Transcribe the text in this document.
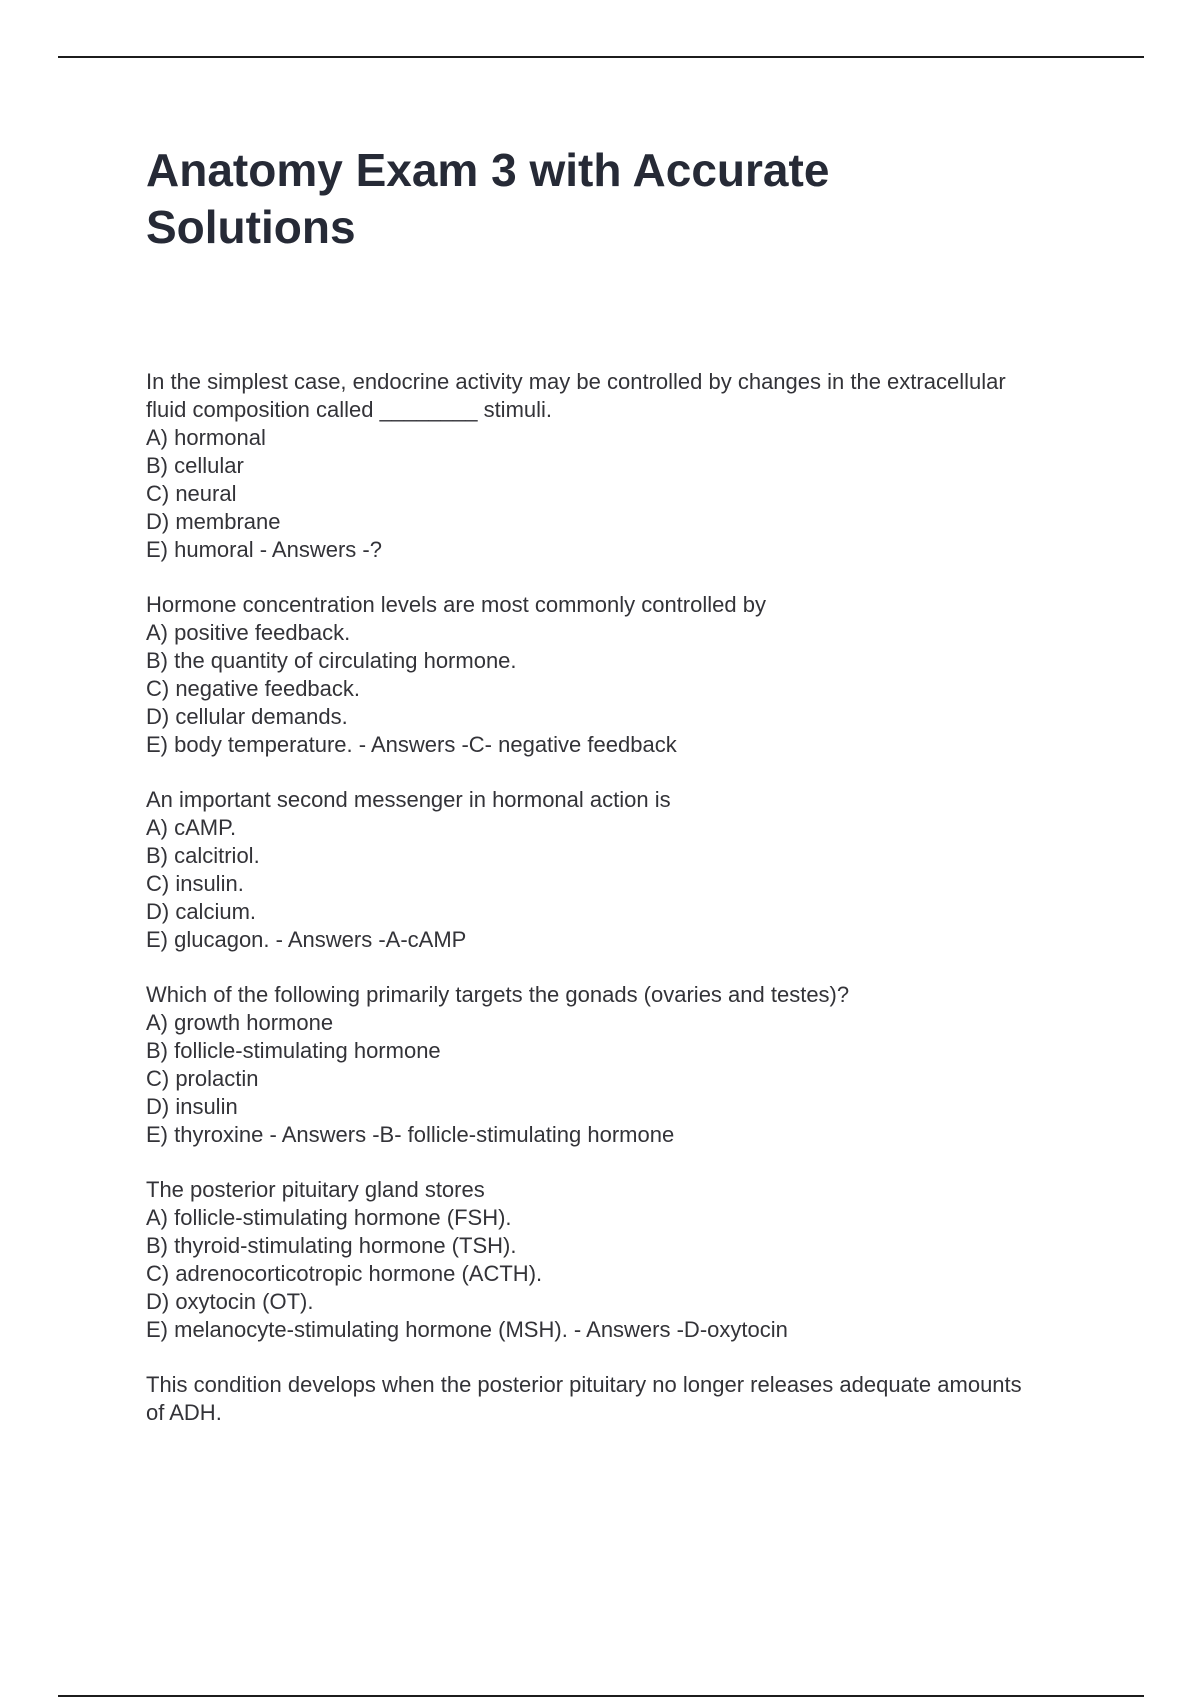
Anatomy Exam 3 with Accurate Solutions
In the simplest case, endocrine activity may be controlled by changes in the extracellular fluid composition called ________ stimuli.
A) hormonal
B) cellular
C) neural
D) membrane
E) humoral - Answers -?
Hormone concentration levels are most commonly controlled by
A) positive feedback.
B) the quantity of circulating hormone.
C) negative feedback.
D) cellular demands.
E) body temperature. - Answers -C- negative feedback
An important second messenger in hormonal action is
A) cAMP.
B) calcitriol.
C) insulin.
D) calcium.
E) glucagon. - Answers -A-cAMP
Which of the following primarily targets the gonads (ovaries and testes)?
A) growth hormone
B) follicle-stimulating hormone
C) prolactin
D) insulin
E) thyroxine - Answers -B- follicle-stimulating hormone
The posterior pituitary gland stores
A) follicle-stimulating hormone (FSH).
B) thyroid-stimulating hormone (TSH).
C) adrenocorticotropic hormone (ACTH).
D) oxytocin (OT).
E) melanocyte-stimulating hormone (MSH). - Answers -D-oxytocin
This condition develops when the posterior pituitary no longer releases adequate amounts of ADH.
